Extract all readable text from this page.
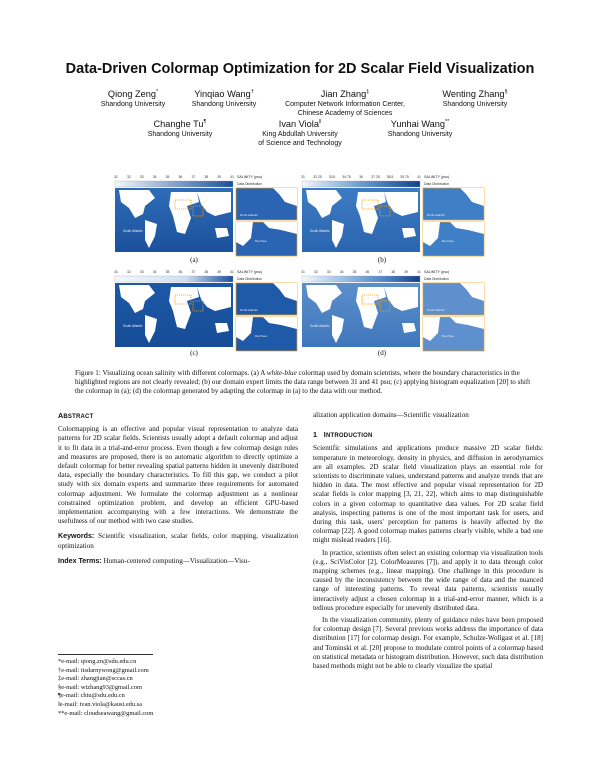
Data-Driven Colormap Optimization for 2D Scalar Field Visualization
Qiong Zeng*
Shandong University
Yinqiao Wang†
Shandong University
Jian Zhang‡
Computer Network Information Center,
Chinese Academy of Sciences
Wenting Zhang§
Shandong University
Changhe Tu¶
Shandong University
Ivan Viola‖
King Abdullah University
of Science and Technology
Yunhai Wang**
Shandong University
31	32	33	34	35	36	37	38	39	41 SALINITY (psu)
South Atlantic
Data Distribution
North Atlantic
Red Sea
31 32.25 33.5 34.75 36 37.25 38.5 39.75 41 SALINITY (psu)
South Atlantic
Data Distribution
North Atlantic
Red Sea
31	32	33	34	35	36	37	38	39	41 SALINITY (psu)
South Atlantic
Data Distribution
North Atlantic
Red Sea
31	32	33	34	35	36	37	38	39	41 SALINITY (psu)
South Atlantic
Data Distribution
North Atlantic
Red Sea
(a)	(b)
(c)	(d)
Figure 1: Visualizing ocean salinity with different colormaps. (a) A white-blue colormap used by domain scientists, where the boundary characteristics in the highlighted regions are not clearly revealed; (b) our domain expert limits the data range between 31 and 41 psu; (c) applying histogram equalization [20] to shift the colormap in (a); (d) the colormap generated by adapting the colormap in (a) to the data with our method.
ABSTRACT

Colormapping is an effective and popular visual representation to analyze data patterns for 2D scalar fields. Scientists usually adopt a default colormap and adjust it to fit data in a trial-and-error process. Even though a few colormap design rules and measures are proposed, there is no automatic algorithm to directly optimize a default colormap for better revealing spatial patterns hidden in unevenly distributed data, especially the boundary characteristics. To fill this gap, we conduct a pilot study with six domain experts and summarize three requirements for automated colormap adjustment. We formulate the colormap adjustment as a nonlinear constrained optimization problem, and develop an efficient GPU-based implementation accompanying with a few interactions. We demonstrate the usefulness of our method with two case studies.

Keywords: Scientific visualization, scalar fields, color mapping, visualization optimization

Index Terms: Human-centered computing—Visualization—Visu-

*e-mail: qiong.zn@sdu.edu.cn
†e-mail: itsdarnywong@gmail.com
‡e-mail: zhangjian@sccas.cn
§e-mail: wtzhang93@gmail.com
¶e-mail: chtu@sdu.edu.cn
‖e-mail: ivan.viola@kaust.edu.sa
**e-mail: cloudseawang@gmail.com

alization application domains—Scientific visualization

1   INTRODUCTION

Scientific simulations and applications produce massive 2D scalar fields: temperature in meteorology, density in physics, and diffusion in aerodynamics are all examples. 2D scalar field visualization plays an essential role for scientists to discriminate values, understand patterns and analyze trends that are hidden in data. The most effective and popular visual representation for 2D scalar fields is color mapping [3, 21, 22], which aims to map distinguishable colors in a given colormap to quantitative data values. For 2D scalar field analysis, inspecting patterns is one of the most important task for users, and during this task, users' perception for patterns is heavily affected by the colormap [22]. A good colormap makes patterns clearly visible, while a bad one might mislead readers [16].

In practice, scientists often select an existing colormap via visualization tools (e.g., SciVisColor [2], ColorMeasures [7]), and apply it to data through color mapping schemes (e.g., linear mapping). One challenge in this procedure is caused by the inconsistency between the wide range of data and the nuanced range of interesting patterns. To reveal data patterns, scientists usually interactively adjust a chosen colormap in a trial-and-error manner, which is a tedious procedure especially for unevenly distributed data.

In the visualization community, plenty of guidance rules have been proposed for colormap design [7]. Several previous works address the importance of data distribution [17] for colormap design. For example, Schulze-Wollgast et al. [18] and Tominski et al. [20] propose to modulate control points of a colormap based on statistical metadata or histogram distribution. However, such data distribution based methods might not be able to clearly visualize the spatial
